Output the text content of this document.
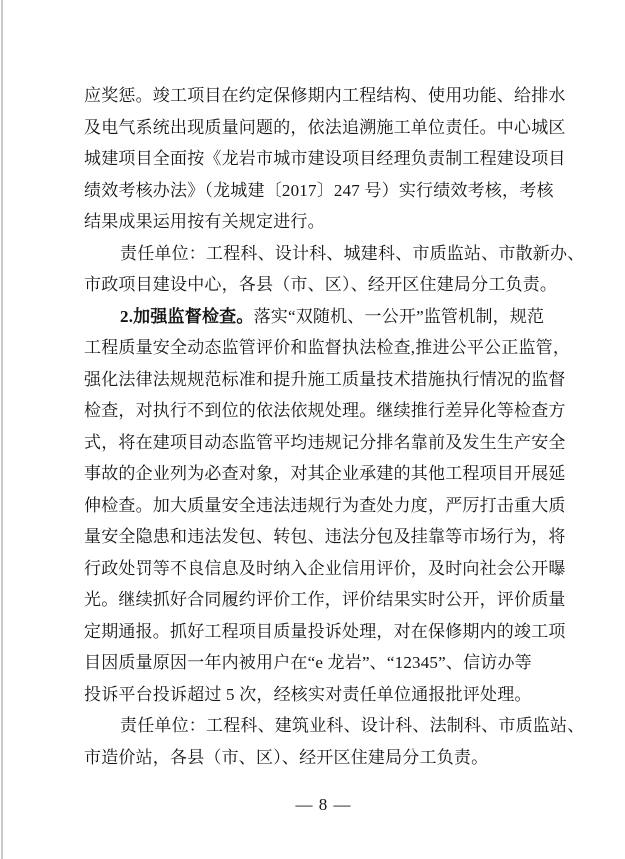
应奖惩。竣工项目在约定保修期内工程结构、使用功能、给排水
及电气系统出现质量问题的，依法追溯施工单位责任。中心城区
城建项目全面按《龙岩市城市建设项目经理负责制工程建设项目
绩效考核办法》（龙城建〔2017〕247 号）实行绩效考核，考核
结果成果运用按有关规定进行。
责任单位：工程科、设计科、城建科、市质监站、市散新办、
市政项目建设中心，各县（市、区）、经开区住建局分工负责。
2.加强监督检查。落实“双随机、一公开”监管机制，规范
工程质量安全动态监管评价和监督执法检查,推进公平公正监管，
强化法律法规规范标准和提升施工质量技术措施执行情况的监督
检查，对执行不到位的依法依规处理。继续推行差异化等检查方
式，将在建项目动态监管平均违规记分排名靠前及发生生产安全
事故的企业列为必查对象，对其企业承建的其他工程项目开展延
伸检查。加大质量安全违法违规行为查处力度，严厉打击重大质
量安全隐患和违法发包、转包、违法分包及挂靠等市场行为，将
行政处罚等不良信息及时纳入企业信用评价，及时向社会公开曝
光。继续抓好合同履约评价工作，评价结果实时公开，评价质量
定期通报。抓好工程项目质量投诉处理，对在保修期内的竣工项
目因质量原因一年内被用户在“e 龙岩”、“12345”、信访办等
投诉平台投诉超过 5 次，经核实对责任单位通报批评处理。
责任单位：工程科、建筑业科、设计科、法制科、市质监站、
市造价站，各县（市、区）、经开区住建局分工负责。
— 8 —
